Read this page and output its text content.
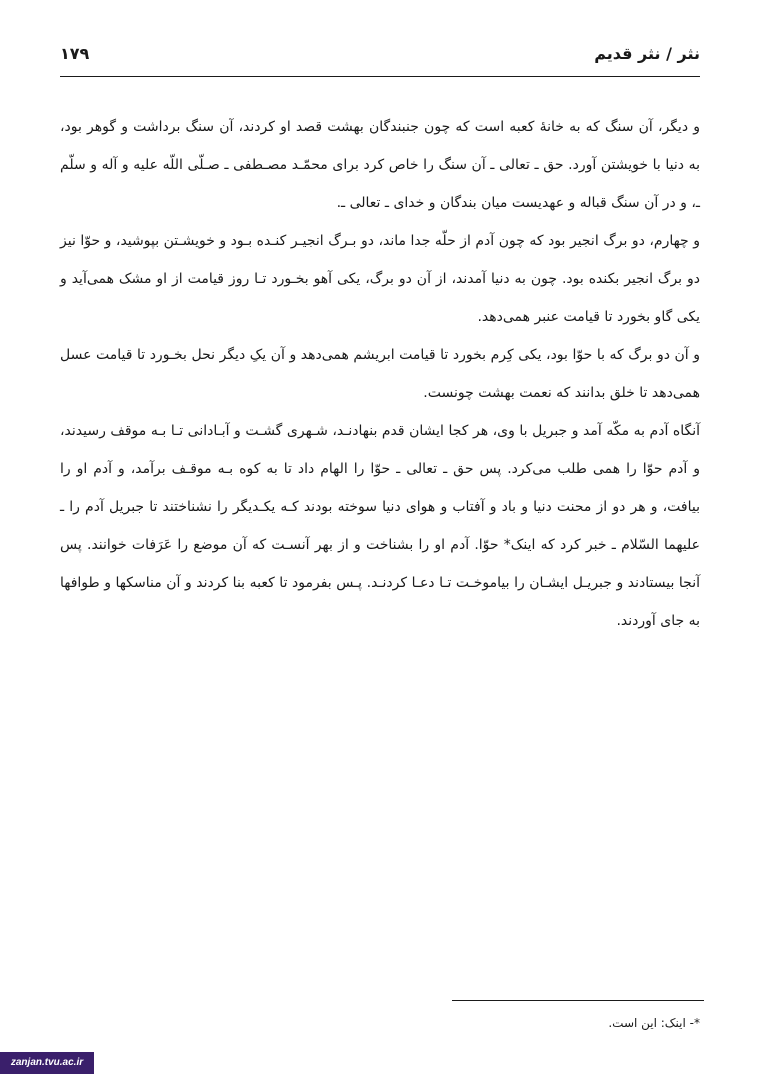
نثر / نثر قدیم
۱۷۹

و دیگر، آن سنگ که به خانهٔ کعبه است که چون جنبندگان بهشت قصد او کردند، آن سنگ برداشت و گوهر بود، به دنیا با خویشتن آورد. حق ـ تعالی ـ آن سنگ را خاص کرد برای محمّـد مصـطفی ـ صـلّی اللّه علیه و آله و سلّم ـ، و در آن سنگ قباله و عهدیست میان بندگان و خدای ـ تعالی ـ.

و چهارم، دو برگ انجیر بود که چون آدم از حلّه جدا ماند، دو بـرگ انجیـر کنـده بـود و خویشـتن بپوشید، و حوّا نیز دو برگ انجیر بکنده بود. چون به دنیا آمدند، از آن دو برگ، یکی آهو بخـورد تـا روز قیامت از او مشک همی‌آید و یکی گاو بخورد تا قیامت عنبر همی‌دهد.

و آن دو برگ که با حوّا بود، یکی کِرم بخورد تا قیامت ابریشم همی‌دهد و آن یکِ دیگر نحل بخـورد تا قیامت عسل همی‌دهد تا خلق بدانند که نعمت بهشت چونست.

آنگاه آدم به مکّه آمد و جبریل با وی، هر کجا ایشان قدم بنهادنـد، شـهری گشـت و آبـادانی تـا بـه موقف رسیدند، و آدم حوّا را همی طلب می‌کرد. پس حق ـ تعالی ـ حوّا را الهام داد تا به کوه بـه موقـف برآمد، و آدم او را بیافت، و هر دو از محنت دنیا و باد و آفتاب و هوای دنیا سوخته بودند کـه یکـدیگر را نشناختند تا جبریل آدم را ـ علیهما السّلام ـ خبر کرد که اینک* حوّا. آدم او را بشناخت و از بهر آنسـت که آن موضع را عَرَفات خوانند. پس آنجا بیستادند و جبریـل ایشـان را بیاموخـت تـا دعـا کردنـد. پـس بفرمود تا کعبه بنا کردند و آن مناسکها و طوافها به جای آوردند.

*- اینک: این است.
zanjan.tvu.ac.ir
